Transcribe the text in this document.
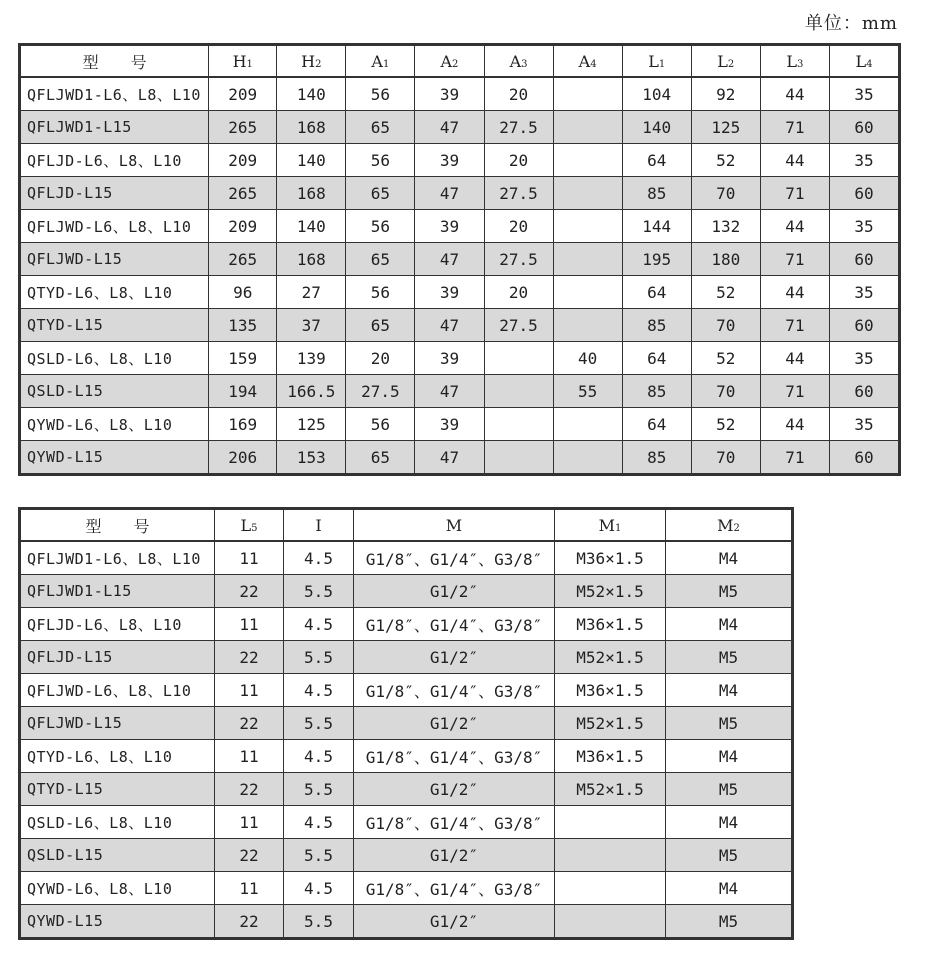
单位：mm
型　　号	H1	H2	A1	A2	A3	A4	L1	L2	L3	L4
QFLJWD1-L6、L8、L10	209	140	56	39	20		104	92	44	35
QFLJWD1-L15	265	168	65	47	27.5		140	125	71	60
QFLJD-L6、L8、L10	209	140	56	39	20		64	52	44	35
QFLJD-L15	265	168	65	47	27.5		85	70	71	60
QFLJWD-L6、L8、L10	209	140	56	39	20		144	132	44	35
QFLJWD-L15	265	168	65	47	27.5		195	180	71	60
QTYD-L6、L8、L10	96	27	56	39	20		64	52	44	35
QTYD-L15	135	37	65	47	27.5		85	70	71	60
QSLD-L6、L8、L10	159	139	20	39		40	64	52	44	35
QSLD-L15	194	166.5	27.5	47		55	85	70	71	60
QYWD-L6、L8、L10	169	125	56	39			64	52	44	35
QYWD-L15	206	153	65	47			85	70	71	60
型　　号	L5	I	M	M1	M2
QFLJWD1-L6、L8、L10	11	4.5	G1/8″、G1/4″、G3/8″	M36×1.5	M4
QFLJWD1-L15	22	5.5	G1/2″	M52×1.5	M5
QFLJD-L6、L8、L10	11	4.5	G1/8″、G1/4″、G3/8″	M36×1.5	M4
QFLJD-L15	22	5.5	G1/2″	M52×1.5	M5
QFLJWD-L6、L8、L10	11	4.5	G1/8″、G1/4″、G3/8″	M36×1.5	M4
QFLJWD-L15	22	5.5	G1/2″	M52×1.5	M5
QTYD-L6、L8、L10	11	4.5	G1/8″、G1/4″、G3/8″	M36×1.5	M4
QTYD-L15	22	5.5	G1/2″	M52×1.5	M5
QSLD-L6、L8、L10	11	4.5	G1/8″、G1/4″、G3/8″		M4
QSLD-L15	22	5.5	G1/2″		M5
QYWD-L6、L8、L10	11	4.5	G1/8″、G1/4″、G3/8″		M4
QYWD-L15	22	5.5	G1/2″		M5
